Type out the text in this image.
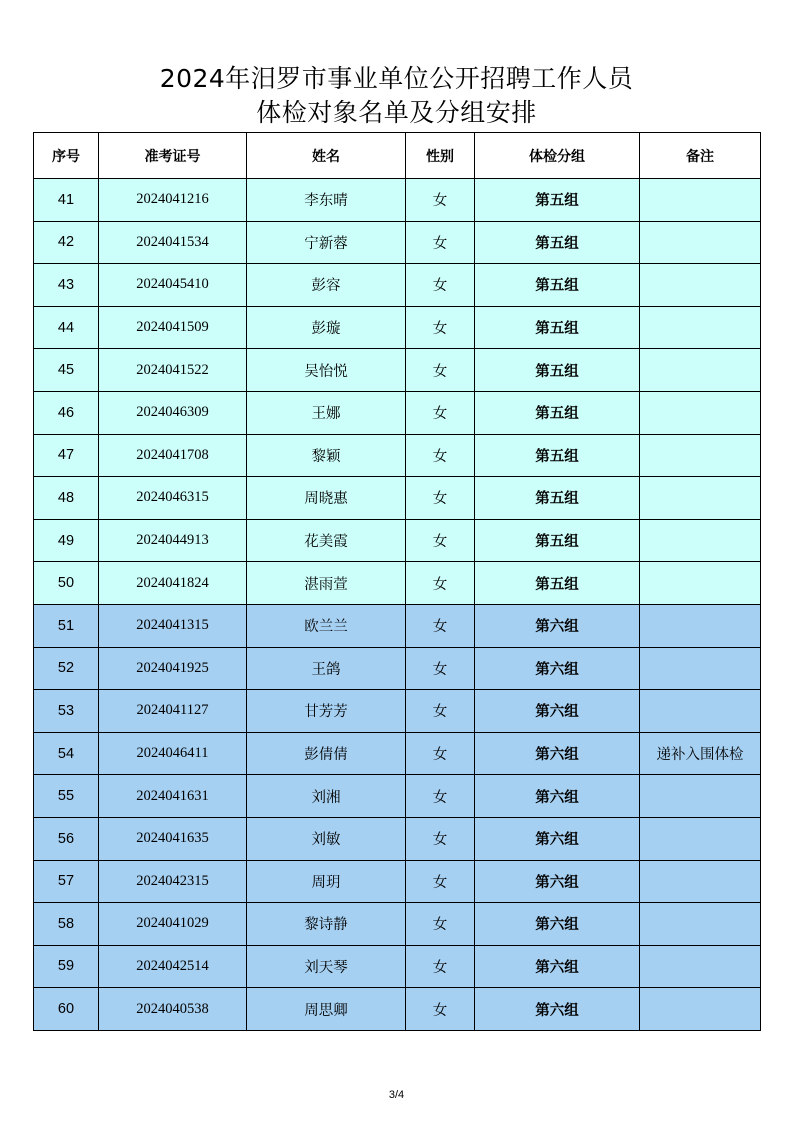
2024年汨罗市事业单位公开招聘工作人员
体检对象名单及分组安排
序号	准考证号	姓名	性别	体检分组	备注
41	2024041216	李东晴	女	第五组	
42	2024041534	宁新蓉	女	第五组	
43	2024045410	彭容	女	第五组	
44	2024041509	彭璇	女	第五组	
45	2024041522	吴怡悦	女	第五组	
46	2024046309	王娜	女	第五组	
47	2024041708	黎颖	女	第五组	
48	2024046315	周晓惠	女	第五组	
49	2024044913	花美霞	女	第五组	
50	2024041824	湛雨萱	女	第五组	
51	2024041315	欧兰兰	女	第六组	
52	2024041925	王鸽	女	第六组	
53	2024041127	甘芳芳	女	第六组	
54	2024046411	彭倩倩	女	第六组	递补入围体检
55	2024041631	刘湘	女	第六组	
56	2024041635	刘敏	女	第六组	
57	2024042315	周玥	女	第六组	
58	2024041029	黎诗静	女	第六组	
59	2024042514	刘天琴	女	第六组	
60	2024040538	周思卿	女	第六组	
3/4
